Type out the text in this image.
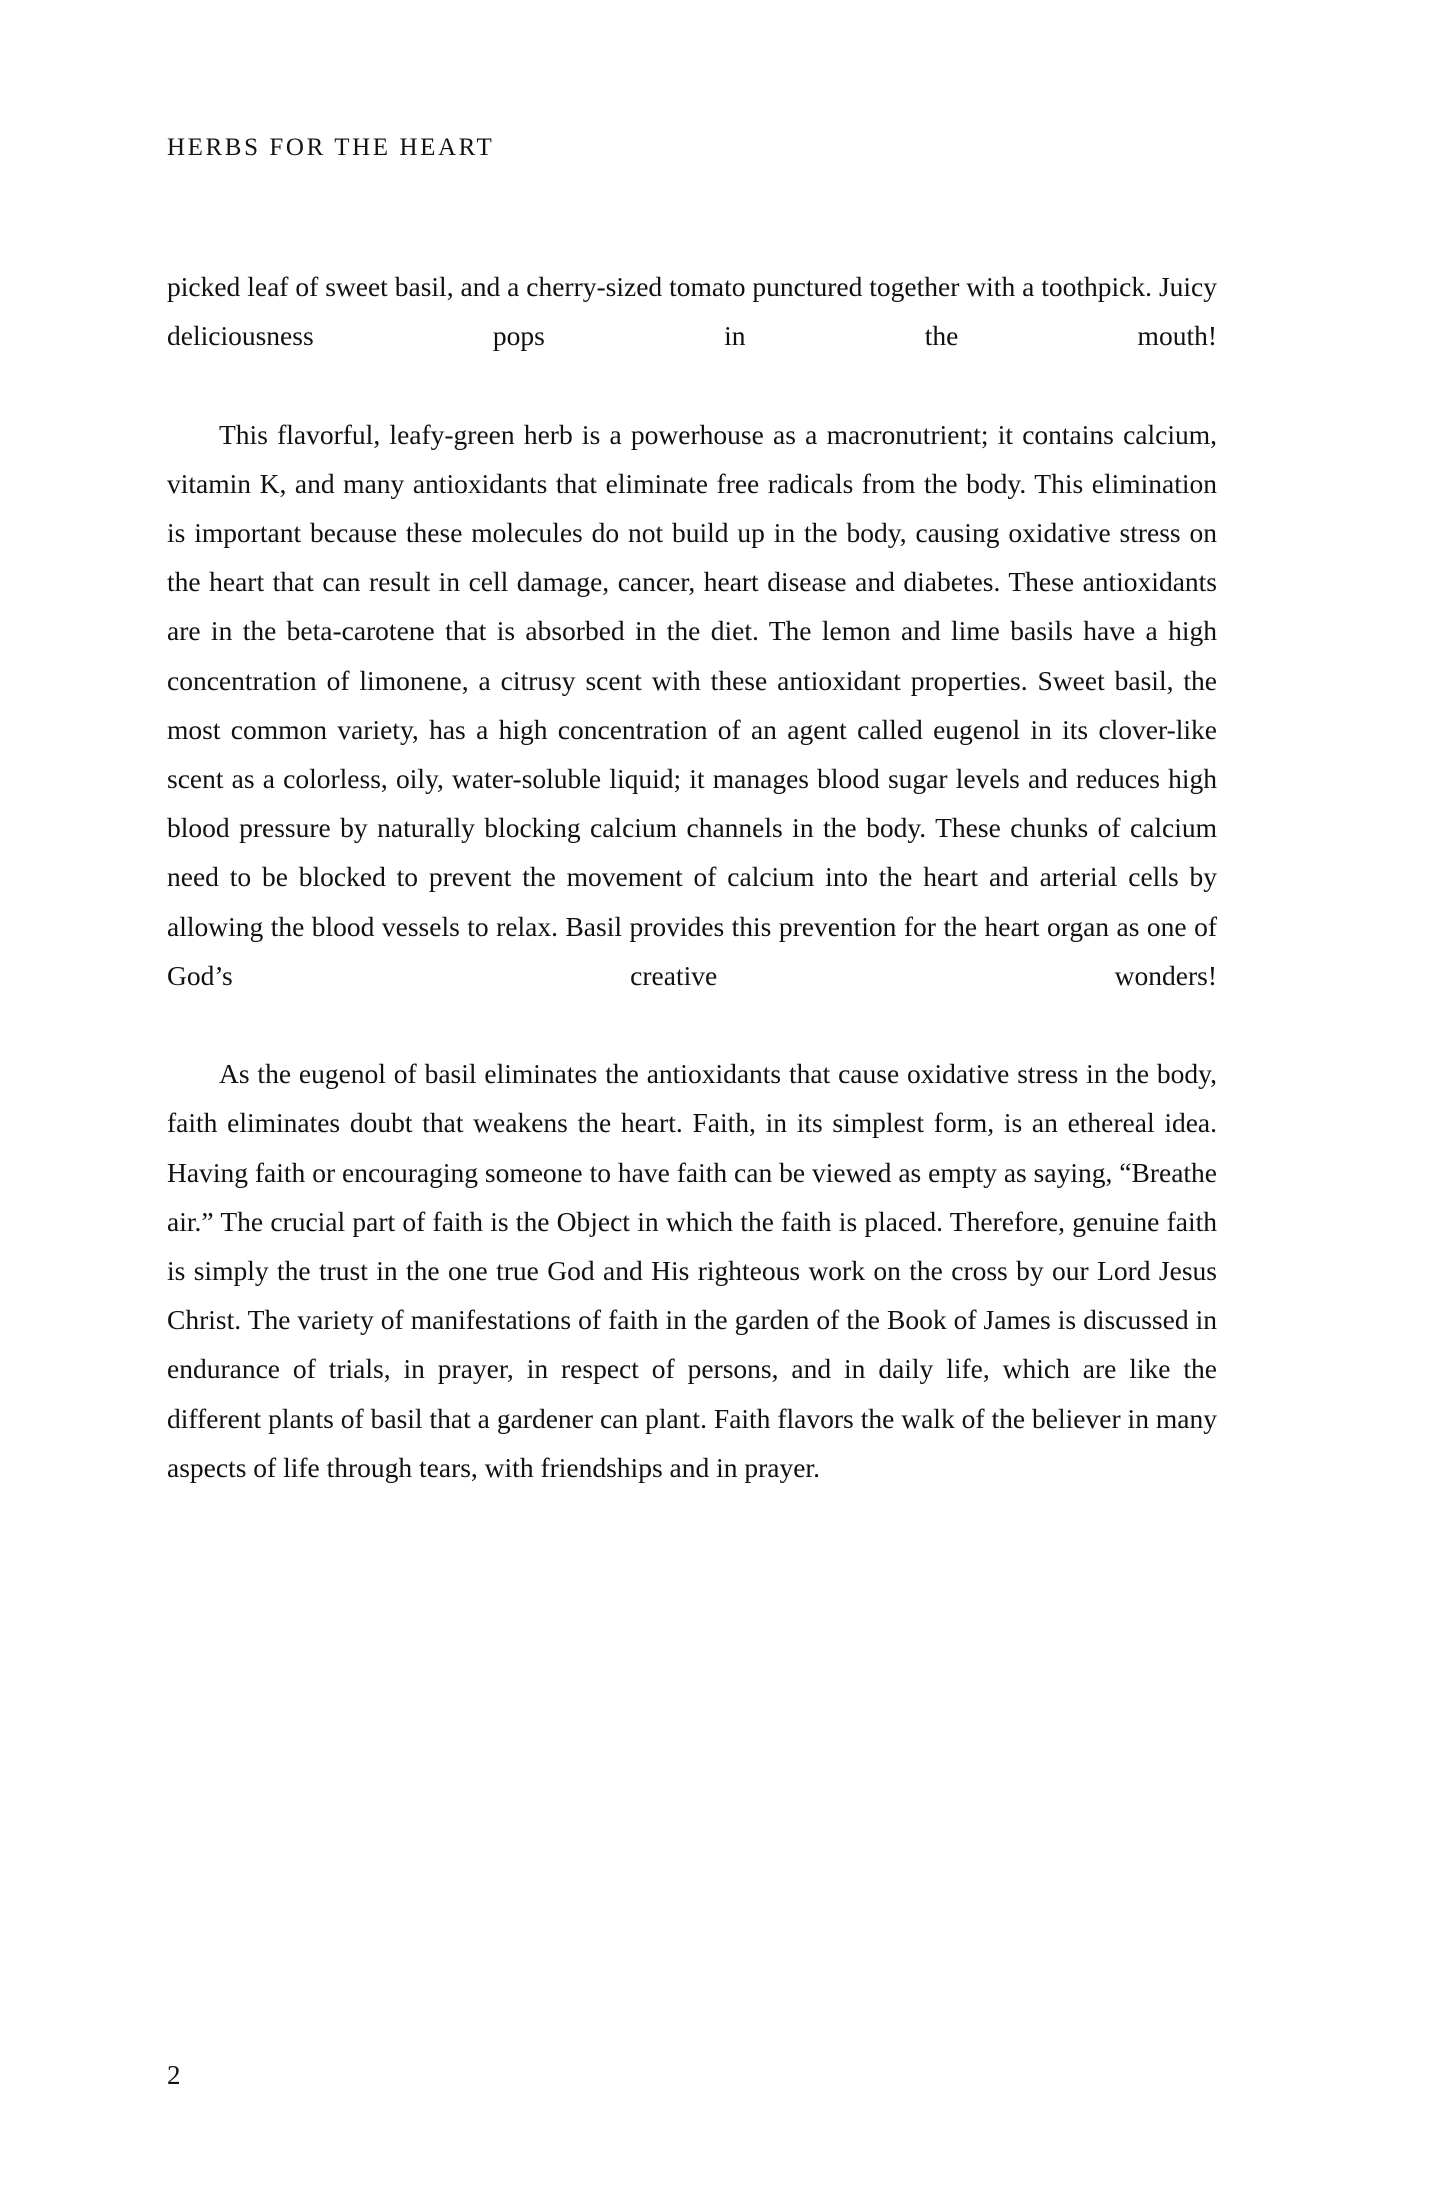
HERBS FOR THE HEART

picked leaf of sweet basil, and a cherry-sized tomato punctured together with a toothpick. Juicy deliciousness pops in the mouth!

This flavorful, leafy-green herb is a powerhouse as a macronutrient; it contains calcium, vitamin K, and many antioxidants that eliminate free radicals from the body. This elimination is important because these molecules do not build up in the body, causing oxidative stress on the heart that can result in cell damage, cancer, heart disease and diabetes. These antioxidants are in the beta-carotene that is absorbed in the diet. The lemon and lime basils have a high concentration of limonene, a citrusy scent with these antioxidant properties. Sweet basil, the most common variety, has a high concentration of an agent called eugenol in its clover-like scent as a colorless, oily, water-soluble liquid; it manages blood sugar levels and reduces high blood pressure by naturally blocking calcium channels in the body. These chunks of calcium need to be blocked to prevent the movement of calcium into the heart and arterial cells by allowing the blood vessels to relax. Basil provides this prevention for the heart organ as one of God’s creative wonders!

As the eugenol of basil eliminates the antioxidants that cause oxidative stress in the body, faith eliminates doubt that weakens the heart. Faith, in its simplest form, is an ethereal idea. Having faith or encouraging someone to have faith can be viewed as empty as saying, “Breathe air.” The crucial part of faith is the Object in which the faith is placed. Therefore, genuine faith is simply the trust in the one true God and His righteous work on the cross by our Lord Jesus Christ. The variety of manifestations of faith in the garden of the Book of James is discussed in endurance of trials, in prayer, in respect of persons, and in daily life, which are like the different plants of basil that a gardener can plant. Faith flavors the walk of the believer in many aspects of life through tears, with friendships and in prayer.

2
